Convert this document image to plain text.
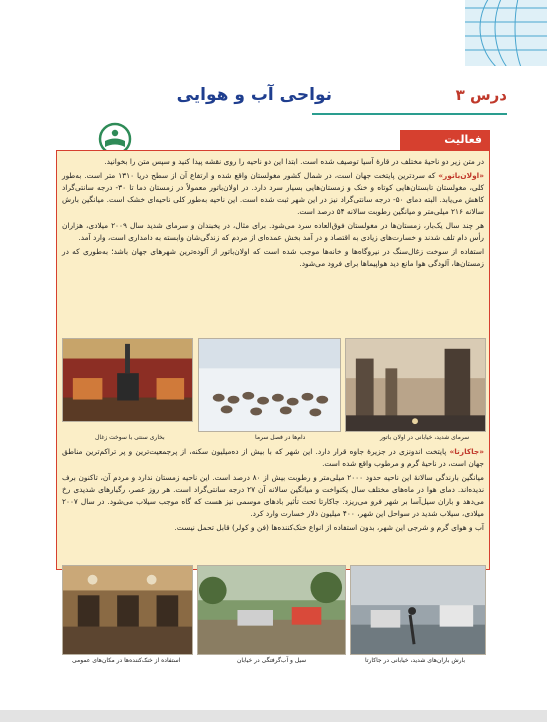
درس ۳
نواحی آب و هوایی
فعالیت

در متن زیر دو ناحیهٔ مختلف در قارهٔ آسیا توصیف شده است. ابتدا این دو ناحیه را روی نقشه پیدا کنید و سپس متن را بخوانید.

«اولان‌باتور» که سرد‌ترین پایتخت جهان است، در شمال کشور مغولستان واقع شده و ارتفاع آن از سطح دریا ۱۳۱۰ متر است. به‌طور کلی، مغولستان تابستان‌هایی کوتاه و خنک و زمستان‌هایی بسیار سرد دارد. در اولان‌باتور معمولاً در زمستان دما تا ۳۰- درجه سانتی‌گراد کاهش می‌یابد. البته دمای ۵۰- درجه سانتی‌گراد نیز در این شهر ثبت شده است. این ناحیه به‌طور کلی ناحیه‌ای خشک است. میانگین بارش سالانه ۲۱۶ میلی‌متر و میانگین رطوبت سالانه ۵۴ درصد است.

هر چند سال یک‌بار، زمستان‌ها در مغولستان فوق‌العاده سرد می‌شود. برای مثال، در یخبندان و سرمای شدید سال ۲۰۰۹ میلادی، هزاران رأس دام تلف شدند و خسارت‌های زیادی به اقتصاد و در آمد بخش عمده‌ای از مردم که زندگی‌شان وابسته به دامداری است، وارد آمد.

استفاده از سوخت زغال‌سنگ در نیروگاه‌ها و خانه‌ها موجب شده است که اولان‌باتور از آلوده‌ترین شهرهای جهان باشد؛ به‌طوری که در زمستان‌ها، آلودگی هوا مانع دید هواپیماها برای فرود می‌شود.

سرمای شدید، خیابانی در اولان باتور
دام‌ها در فصل سرما
بخاری سنتی با سوخت زغال

«جاکارتا» پایتخت اندونزی در جزیرهٔ جاوه قرار دارد. این شهر که با بیش از ده‌میلیون سکنه، از پرجمعیت‌ترین و پر تراکم‌ترین مناطق جهان است، در ناحیهٔ گرم و مرطوب واقع شده است.

میانگین بارندگی سالانهٔ این ناحیه حدود ۲۰۰۰ میلی‌متر و رطوبت بیش از ۸۰ درصد است. این ناحیه زمستان ندارد و مردم آن، تاکنون برف ندیده‌اند. دمای هوا در ماه‌های مختلف سال یکنواخت و میانگین سالانه آن ۲۷ درجه سانتی‌گراد است. هر روز عصر، رگبارهای شدیدی رخ می‌دهد و باران سیل‌آسا بر شهر فرو می‌ریزد. جاکارتا تحت تأثیر بادهای موسمی نیز هست که گاه موجب سیلاب می‌شود. در سال ۲۰۰۷ میلادی، سیلاب شدید در سواحل این شهر، ۴۰۰ میلیون دلار خسارت وارد کرد.

آب و هوای گرم و شرجی این شهر، بدون استفاده از انواع خنک‌کننده‌ها (فن و کولر) قابل تحمل نیست.

بارش باران‌های شدید، خیابانی در جاکارتا
سیل و آب‌گرفتگی در خیابان
استفاده از خنک‌کننده‌ها در مکان‌های عمومی
